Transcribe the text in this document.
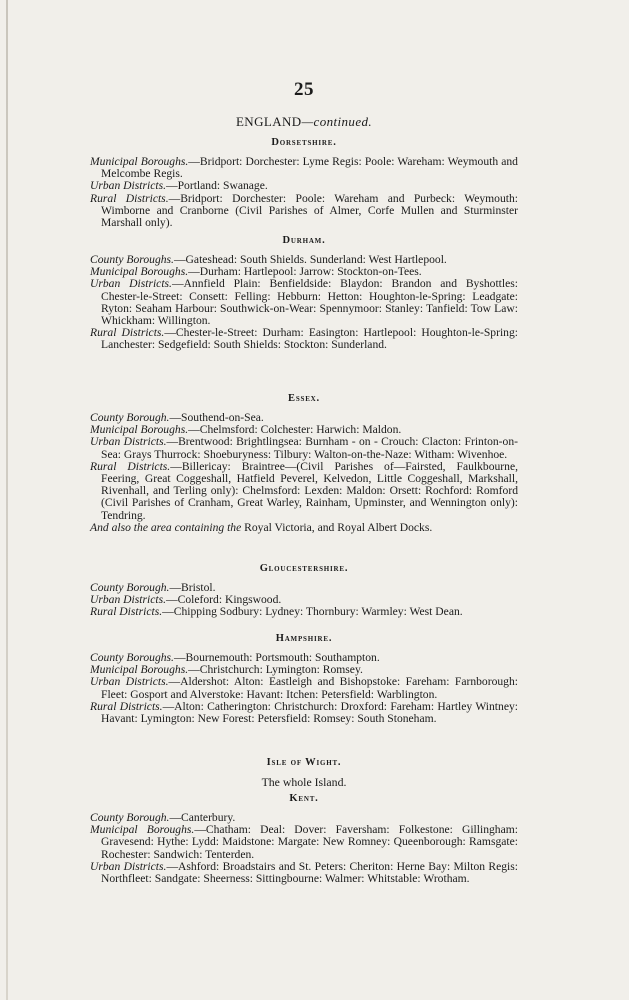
25
ENGLAND—continued.
Dorsetshire.

Municipal Boroughs.—Bridport: Dorchester: Lyme Regis: Poole: Wareham: Weymouth and Melcombe Regis.

Urban Districts.—Portland: Swanage.

Rural Districts.—Bridport: Dorchester: Poole: Wareham and Purbeck: Weymouth: Wimborne and Cranborne (Civil Parishes of Almer, Corfe Mullen and Sturminster Marshall only).

Durham.

County Boroughs.—Gateshead: South Shields. Sunderland: West Hartlepool.

Municipal Boroughs.—Durham: Hartlepool: Jarrow: Stockton-on-Tees.

Urban Districts.—Annfield Plain: Benfieldside: Blaydon: Brandon and Byshottles: Chester-le-Street: Consett: Felling: Hebburn: Hetton: Houghton-le-Spring: Leadgate: Ryton: Seaham Harbour: Southwick-on-Wear: Spennymoor: Stanley: Tanfield: Tow Law: Whickham: Willington.

Rural Districts.—Chester-le-Street: Durham: Easington: Hartlepool: Houghton-le-Spring: Lanchester: Sedgefield: South Shields: Stockton: Sunderland.

Essex.

County Borough.—Southend-on-Sea.

Municipal Boroughs.—Chelmsford: Colchester: Harwich: Maldon.

Urban Districts.—Brentwood: Brightlingsea: Burnham - on - Crouch: Clacton: Frinton-on-Sea: Grays Thurrock: Shoeburyness: Tilbury: Walton-on-the-Naze: Witham: Wivenhoe.

Rural Districts.—Billericay: Braintree—(Civil Parishes of—Fairsted, Faulkbourne, Feering, Great Coggeshall, Hatfield Peverel, Kelvedon, Little Coggeshall, Markshall, Rivenhall, and Terling only): Chelmsford: Lexden: Maldon: Orsett: Rochford: Romford (Civil Parishes of Cranham, Great Warley, Rainham, Upminster, and Wennington only): Tendring.

And also the area containing the Royal Victoria, and Royal Albert Docks.

Gloucestershire.

County Borough.—Bristol.

Urban Districts.—Coleford: Kingswood.

Rural Districts.—Chipping Sodbury: Lydney: Thornbury: Warmley: West Dean.

Hampshire.

County Boroughs.—Bournemouth: Portsmouth: Southampton.

Municipal Boroughs.—Christchurch: Lymington: Romsey.

Urban Districts.—Aldershot: Alton: Eastleigh and Bishopstoke: Fareham: Farnborough: Fleet: Gosport and Alverstoke: Havant: Itchen: Petersfield: Warblington.

Rural Districts.—Alton: Catherington: Christchurch: Droxford: Fareham: Hartley Wintney: Havant: Lymington: New Forest: Petersfield: Romsey: South Stoneham.

Isle of Wight.

The whole Island.

Kent.

County Borough.—Canterbury.

Municipal Boroughs.—Chatham: Deal: Dover: Faversham: Folkestone: Gillingham: Gravesend: Hythe: Lydd: Maidstone: Margate: New Romney: Queenborough: Ramsgate: Rochester: Sandwich: Tenterden.

Urban Districts.—Ashford: Broadstairs and St. Peters: Cheriton: Herne Bay: Milton Regis: Northfleet: Sandgate: Sheerness: Sittingbourne: Walmer: Whitstable: Wrotham.
